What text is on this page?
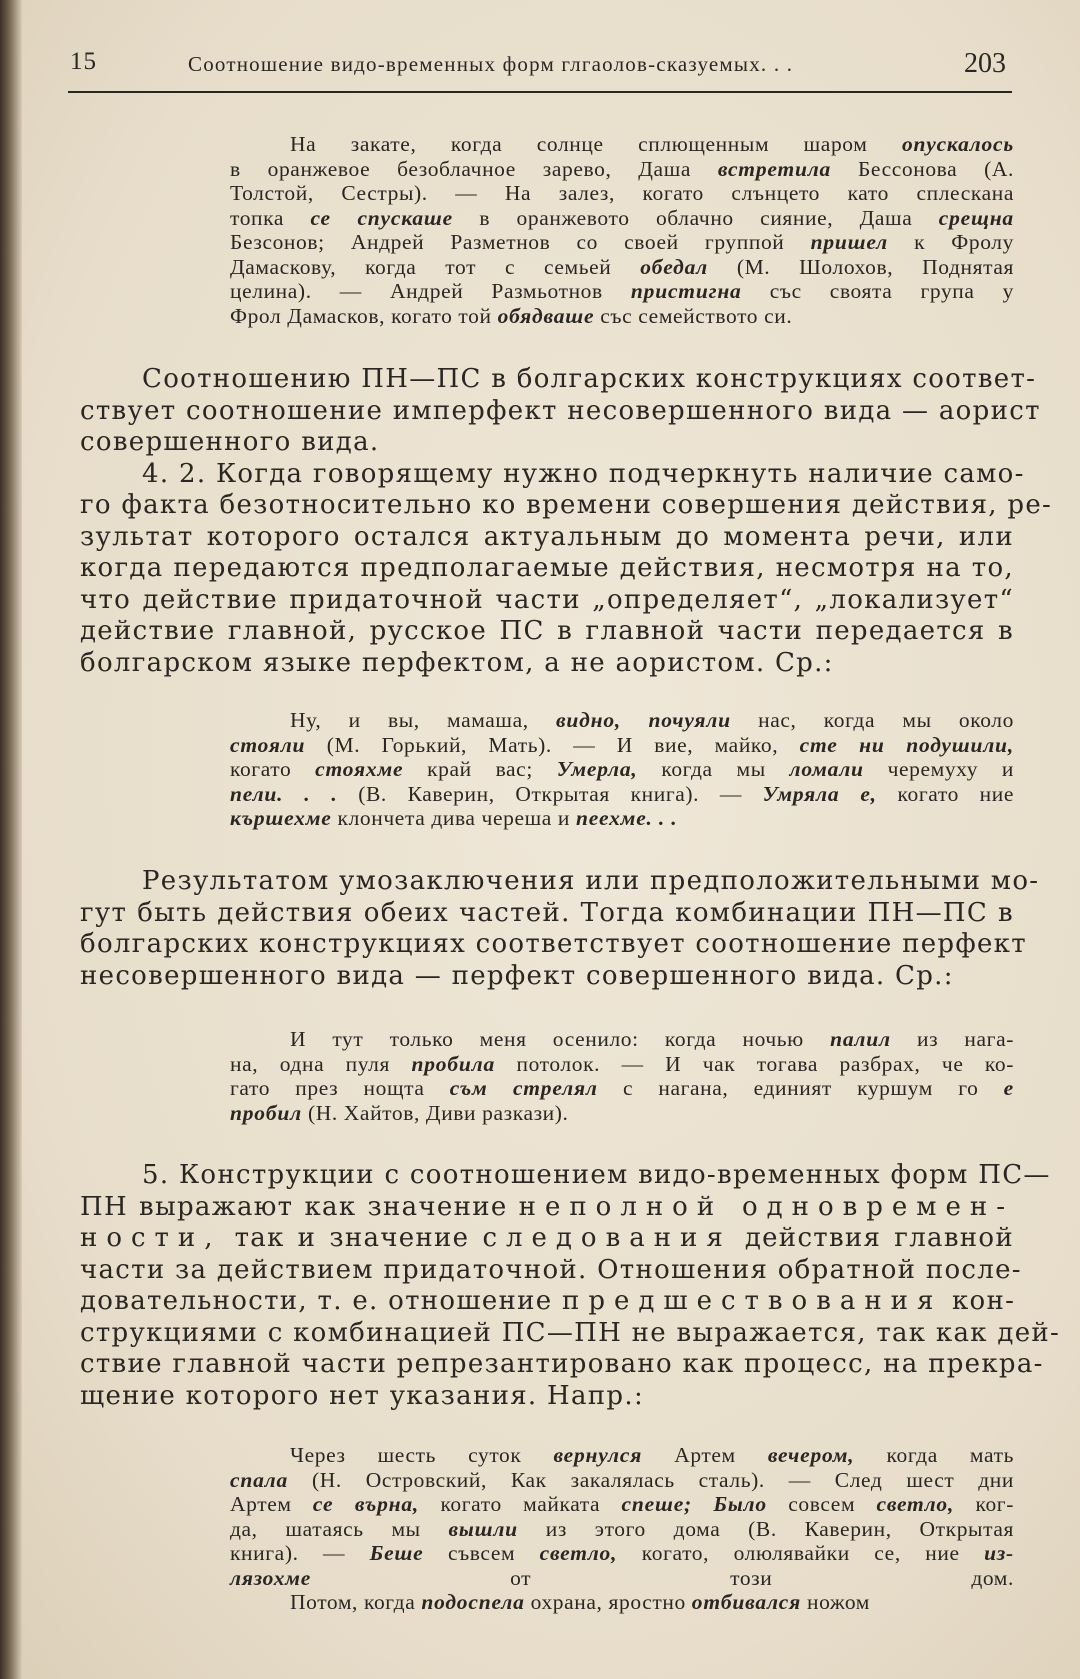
15	Соотношение видо-временных форм глгаолов-сказуемых. . .	203
На закате, когда солнце сплющенным шаром опускалось
в оранжевое безоблачное зарево, Даша встретила Бессонова (А.
Толстой, Сестры). — На залез, когато слънцето като сплескана
топка се спускаше в оранжевото облачно сияние, Даша срещна
Безсонов; Андрей Разметнов со своей группой пришел к Фролу
Дамаскову, когда тот с семьей обедал (М. Шолохов, Поднятая
целина). — Андрей Размьотнов пристигна със своята група у
Фрол Дамасков, когато той обядваше със семейството си.
Соотношению ПН—ПС в болгарских конструкциях соответ-
ствует соотношение имперфект несовершенного вида — аорист
совершенного вида.
4. 2. Когда говорящему нужно подчеркнуть наличие само-
го факта безотносительно ко времени совершения действия, ре-
зультат которого остался актуальным до момента речи, или
когда передаются предполагаемые действия, несмотря на то,
что действие придаточной части „определяет“, „локализует“
действие главной, русское ПС в главной части передается в
болгарском языке перфектом, а не аористом. Ср.:
Ну, и вы, мамаша, видно, почуяли нас, когда мы около
стояли (М. Горький, Мать). — И вие, майко, сте ни подушили,
когато стояхме край вас; Умерла, когда мы ломали черемуху и
пели. . . (В. Каверин, Открытая книга). — Умряла е, когато ние
кършехме клончета дива череша и пеехме. . .
Результатом умозаключения или предположительными мо-
гут быть действия обеих частей. Тогда комбинации ПН—ПС в
болгарских конструкциях соответствует соотношение перфект
несовершенного вида — перфект совершенного вида. Ср.:
И тут только меня осенило: когда ночью палил из нага-
на, одна пуля пробила потолок. — И чак тогава разбрах, че ко-
гато през нощта съм стрелял с нагана, единият куршум го е
пробил (Н. Хайтов, Диви разкази).
5. Конструкции с соотношением видо-временных форм ПС—
ПН выражают как значение неполной одновремен-
ности, так и значение следования действия главной
части за действием придаточной. Отношения обратной после-
довательности, т. е. отношение предшествования кон-
струкциями с комбинацией ПС—ПН не выражается, так как дей-
ствие главной части репрезантировано как процесс, на прекра-
щение которого нет указания. Напр.:
Через шесть суток вернулся Артем вечером, когда мать
спала (Н. Островский, Как закалялась сталь). — След шест дни
Артем се върна, когато майката спеше; Было совсем светло, ког-
да, шатаясь мы вышли из этого дома (В. Каверин, Открытая
книга). — Беше съвсем светло, когато, олюлявайки се, ние из-
лязохме от този дом.
Потом, когда подоспела охрана, яростно отбивался ножом
